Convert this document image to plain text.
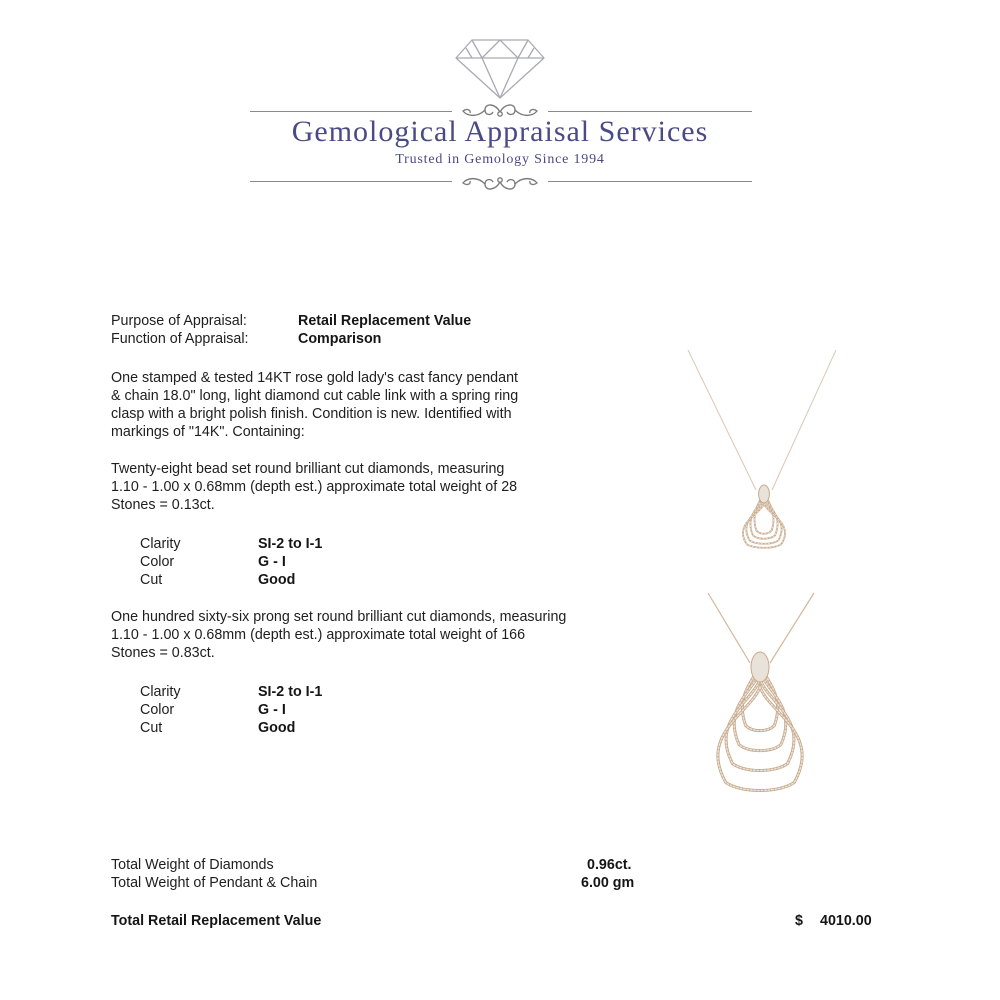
Gemological Appraisal Services
Trusted in Gemology Since 1994
Purpose of Appraisal:	Retail Replacement Value
Function of Appraisal:	Comparison
One stamped & tested 14KT rose gold lady's cast fancy pendant
& chain 18.0" long, light diamond cut cable link with a spring ring
clasp with a bright polish finish. Condition is new. Identified with
markings of "14K". Containing:
Twenty-eight bead set round brilliant cut diamonds, measuring
1.10 - 1.00 x 0.68mm (depth est.) approximate total weight of 28
Stones = 0.13ct.
Clarity	SI-2 to I-1
Color	G - I
Cut	Good
One hundred sixty-six prong set round brilliant cut diamonds, measuring
1.10 - 1.00 x 0.68mm (depth est.) approximate total weight of 166
Stones = 0.83ct.
Clarity	SI-2 to I-1
Color	G - I
Cut	Good
Total Weight of Diamonds	0.96ct.
Total Weight of Pendant & Chain	6.00 gm
Total Retail Replacement Value	$ 4010.00
